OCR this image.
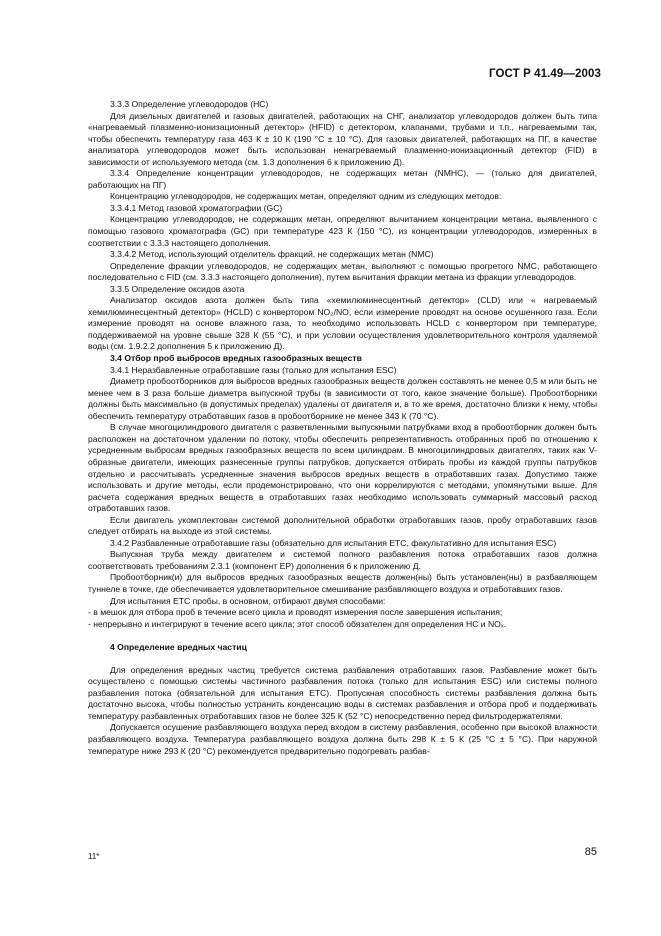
ГОСТ Р 41.49—2003

3.3.3 Определение углеводородов (НС)

Для дизельных двигателей и газовых двигателей, работающих на СНГ, анализатор углеводородов должен быть типа «нагреваемый плазменно-ионизационный детектор» (HFID) с детектором, клапанами, трубами и т.п., нагреваемыми так, чтобы обеспечить температуру газа 463 К ± 10 К (190 °С ± 10 °С). Для газовых двигателей, работающих на ПГ, в качестве анализатора углеводородов может быть использован ненагреваемый плазменно-ионизационный детектор (FID) в зависимости от используемого метода (см. 1.3 дополнения 6 к приложению Д).

3.3.4 Определение концентрации углеводородов, не содержащих метан (NMHC), — (только для двигателей, работающих на ПГ)

Концентрацию углеводородов, не содержащих метан, определяют одним из следующих методов:

3.3.4.1 Метод газовой хроматографии (GC)

Концентрацию углеводородов, не содержащих метан, определяют вычитанием концентрации метана, выявленного с помощью газового хроматографа (GC) при температуре 423 К (150 °С), из концентрации углеводородов, измеренных в соответствии с 3.3.3 настоящего дополнения.

3.3.4.2 Метод, использующий отделитель фракций, не содержащих метан (NMC)

Определение фракции углеводородов, не содержащих метан, выполняют с помощью прогретого NMC, работающего последовательно с FID (см. 3.3.3 настоящего дополнения), путем вычитания фракции метана из фракции углеводородов.

3.3.5 Определение оксидов азота

Анализатор оксидов азота должен быть типа «хемилюминесцентный детектор» (CLD) или « нагреваемый хемилюминесцентный детектор» (HCLD) с конвертором NO₂/NO, если измерение проводят на основе осушенного газа. Если измерение проводят на основе влажного газа, то необходимо использовать HCLD с конвертором при температуре, поддерживаемой на уровне свыше 328 К (55 °С), и при условии осуществления удовлетворительного контроля удаляемой воды (см. 1.9.2.2 дополнения 5 к приложению Д).

3.4 Отбор проб выбросов вредных газообразных веществ

3.4.1 Неразбавленные отработавшие газы (только для испытания ESC)

Диаметр пробоотборников для выбросов вредных газообразных веществ должен составлять не менее 0,5 м или быть не менее чем в 3 раза больше диаметра выпускной трубы (в зависимости от того, какое значение больше). Пробоотборники должны быть максимально (в допустимых пределах) удалены от двигателя и, в то же время, достаточно близки к нему, чтобы обеспечить температуру отработавших газов в пробоотборнике не менее 343 К (70 °С).

В случае многоцилиндрового двигателя с разветвленными выпускными патрубками вход в пробоотборник должен быть расположен на достаточном удалении по потоку, чтобы обеспечить репрезентативность отобранных проб по отношению к усредненным выбросам вредных газообразных веществ по всем цилиндрам. В многоцилиндровых двигателях, таких как V-образные двигатели, имеющих разнесенные группы патрубков, допускается отбирать пробы из каждой группы патрубков отдельно и рассчитывать усредненные значения выбросов вредных веществ в отработавших газах. Допустимо также использовать и другие методы, если продемонстрировано, что они коррелируются с методами, упомянутыми выше. Для расчета содержания вредных веществ в отработавших газах необходимо использовать суммарный массовый расход отработавших газов.

Если двигатель укомплектован системой дополнительной обработки отработавших газов, пробу отработавших газов следует отбирать на выходе из этой системы.

3.4.2 Разбавленные отработавшие газы (обязательно для испытания ЕТС, факультативно для испытания ESC)

Выпускная труба между двигателем и системой полного разбавления потока отработавших газов должна соответствовать требованиям 2.3.1 (компонент ЕР) дополнения 6 к приложению Д.

Пробоотборник(и) для выбросов вредных газообразных веществ должен(ны) быть установлен(ны) в разбавляющем туннеле в точке, где обеспечивается удовлетворительное смешивание разбавляющего воздуха и отработавших газов.

Для испытания ЕТС пробы, в основном, отбирают двумя способами:

- в мешок для отбора проб в течение всего цикла и проводят измерения после завершения испытания;

- непрерывно и интегрируют в течение всего цикла; этот способ обязателен для определения НС и NOₓ.

4 Определение вредных частиц

Для определения вредных частиц требуется система разбавления отработавших газов. Разбавление может быть осуществлено с помощью системы частичного разбавления потока (только для испытания ESC) или системы полного разбавления потока (обязательной для испытания ЕТС). Пропускная способность системы разбавления должна быть достаточно высока, чтобы полностью устранить конденсацию воды в системах разбавления и отбора проб и поддерживать температуру разбавленных отработавших газов не более 325 К (52 °С) непосредственно перед фильтродержателями.

Допускается осушение разбавляющего воздуха перед входом в систему разбавления, особенно при высокой влажности разбавляющего воздуха. Температура разбавляющего воздуха должна быть 298 К ± 5 К (25 °С ± 5 °С). При наружной температуре ниже 293 К (20 °С) рекомендуется предварительно подогревать разбав-

11*	85
